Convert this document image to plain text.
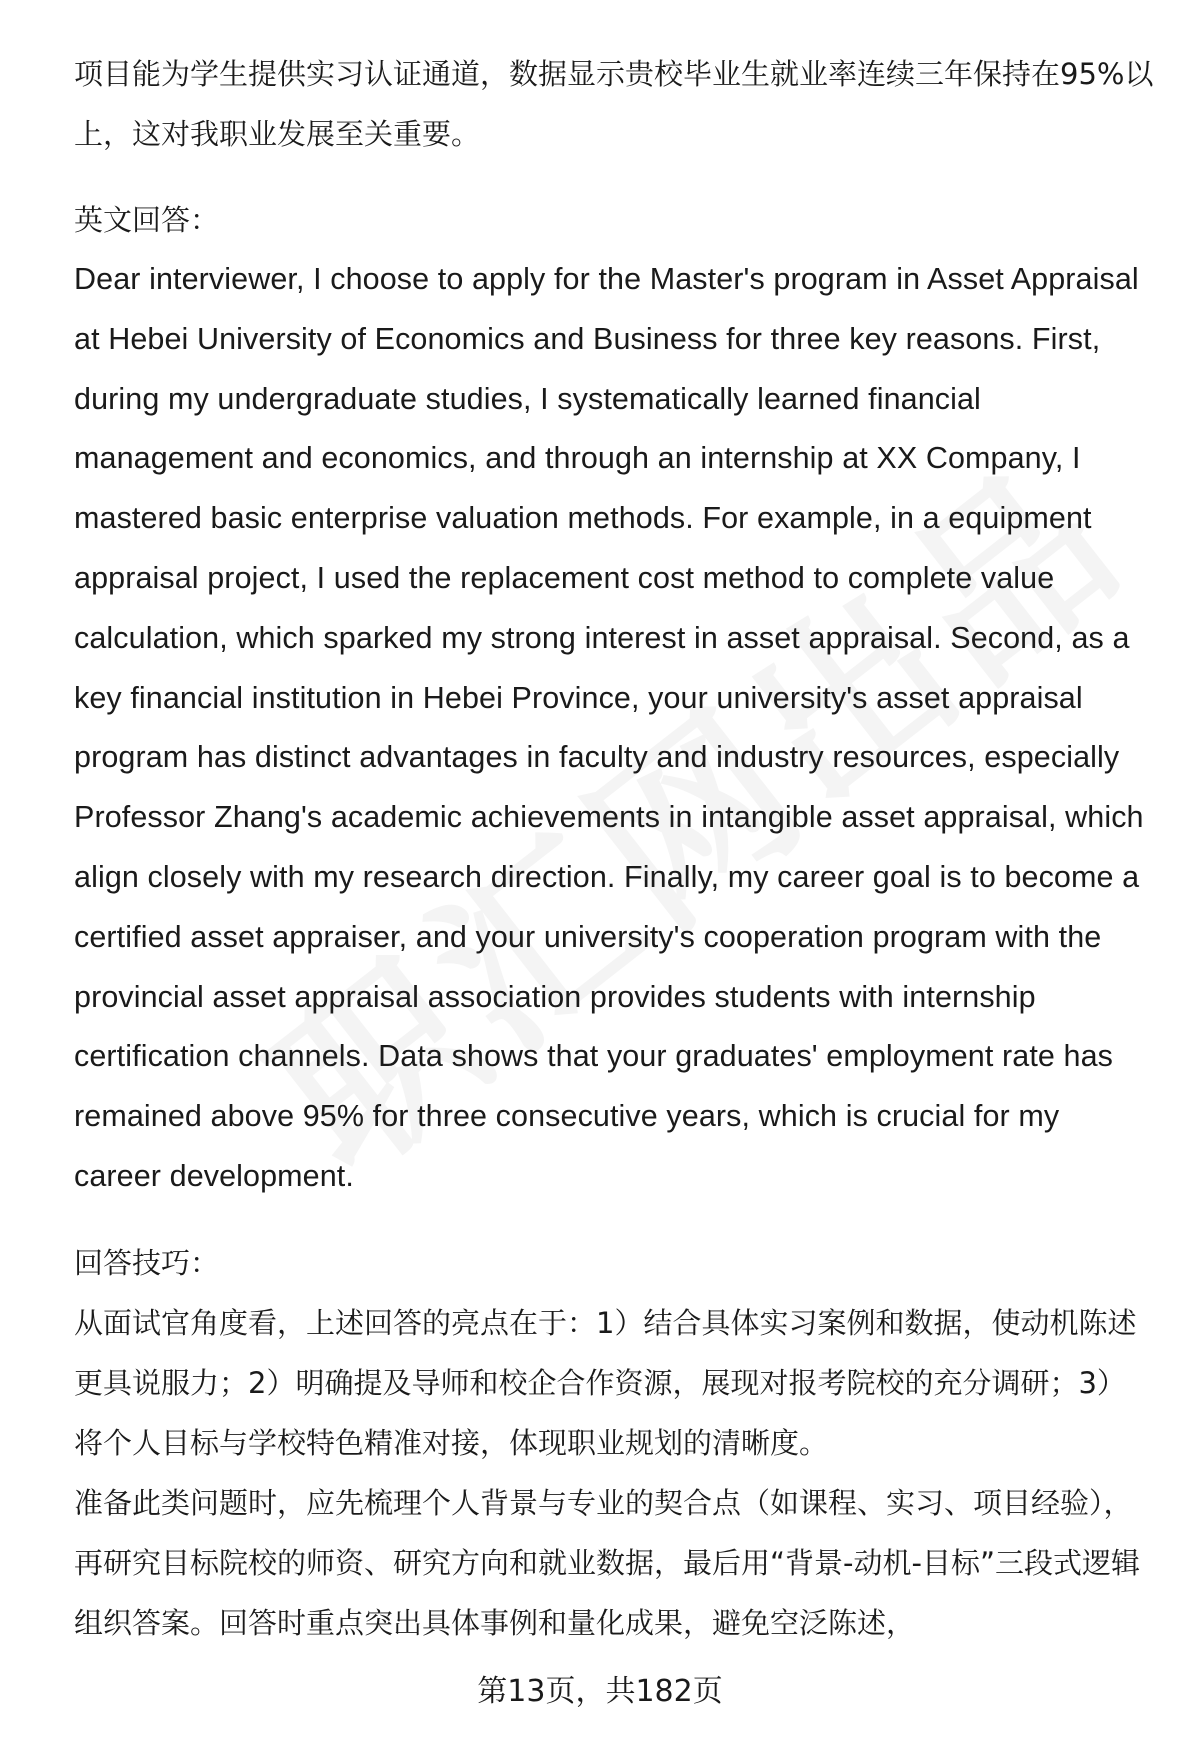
项目能为学生提供实习认证通道，数据显示贵校毕业生就业率连续三年保持在95%以上，这对我职业发展至关重要。

英文回答：

Dear interviewer, I choose to apply for the Master's program in Asset Appraisal at Hebei University of Economics and Business for three key reasons. First, during my undergraduate studies, I systematically learned financial management and economics, and through an internship at XX Company, I mastered basic enterprise valuation methods. For example, in a equipment appraisal project, I used the replacement cost method to complete value calculation, which sparked my strong interest in asset appraisal. Second, as a key financial institution in Hebei Province, your university's asset appraisal program has distinct advantages in faculty and industry resources, especially Professor Zhang's academic achievements in intangible asset appraisal, which align closely with my research direction. Finally, my career goal is to become a certified asset appraiser, and your university's cooperation program with the provincial asset appraisal association provides students with internship certification channels. Data shows that your graduates' employment rate has remained above 95% for three consecutive years, which is crucial for my career development.

回答技巧：

从面试官角度看，上述回答的亮点在于：1）结合具体实习案例和数据，使动机陈述更具说服力；2）明确提及导师和校企合作资源，展现对报考院校的充分调研；3）将个人目标与学校特色精准对接，体现职业规划的清晰度。

准备此类问题时，应先梳理个人背景与专业的契合点（如课程、实习、项目经验），再研究目标院校的师资、研究方向和就业数据，最后用“背景-动机-目标”三段式逻辑组织答案。回答时重点突出具体事例和量化成果，避免空泛陈述，

第13页，共182页
